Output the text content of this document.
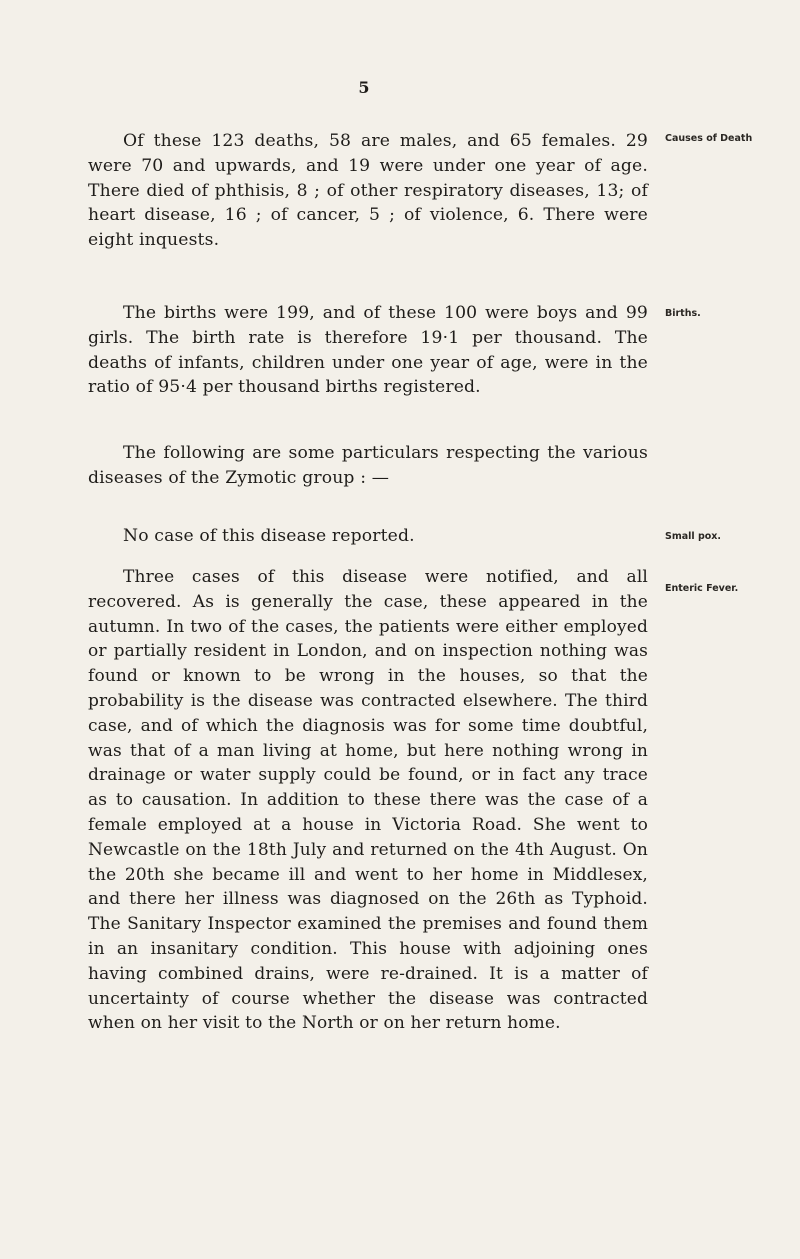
5

Of these 123 deaths, 58 are males, and 65 females. 29 were 70 and upwards, and 19 were under one year of age. There died of phthisis, 8 ; of other respiratory diseases, 13; of heart disease, 16 ; of cancer, 5 ; of violence, 6. There were eight inquests.

Causes of Death

The births were 199, and of these 100 were boys and 99 girls. The birth rate is therefore 19·1 per thousand. The deaths of infants, children under one year of age, were in the ratio of 95·4 per thousand births registered.

Births.

The following are some particulars respecting the various diseases of the Zymotic group : —

No case of this disease reported.	Small pox.

Three cases of this disease were notified, and all recovered. As is generally the case, these appeared in the autumn. In two of the cases, the patients were either employed or partially resident in London, and on inspection nothing was found or known to be wrong in the houses, so that the probability is the disease was contracted elsewhere. The third case, and of which the diagnosis was for some time doubtful, was that of a man living at home, but here nothing wrong in drainage or water supply could be found, or in fact any trace as to causation. In addition to these there was the case of a female employed at a house in Victoria Road. She went to Newcastle on the 18th July and returned on the 4th August. On the 20th she became ill and went to her home in Middlesex, and there her illness was diagnosed on the 26th as Typhoid. The Sanitary Inspector examined the premises and found them in an insanitary condition. This house with adjoining ones having combined drains, were re-drained. It is a matter of uncertainty of course whether the disease was contracted when on her visit to the North or on her return home.

Enteric Fever.
